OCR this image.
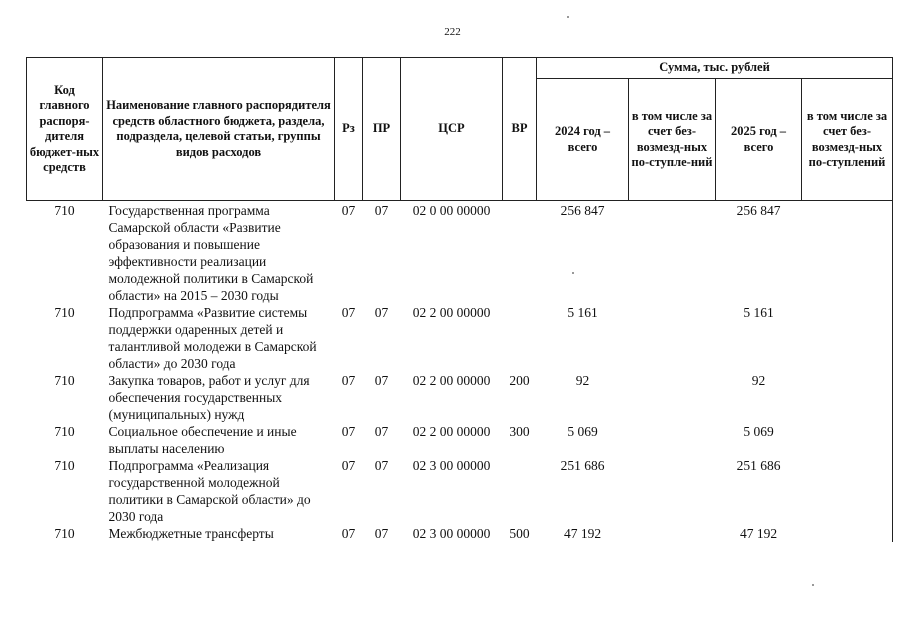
222
Код главного распоря-дителя бюджет-ных средств	Наименование главного распорядителя средств областного бюджета, раздела, подраздела, целевой статьи, группы видов расходов	Рз	ПР	ЦСР	ВР	Сумма, тыс. рублей			
						2024 год – всего	в том числе за счет без-возмезд-ных по-ступле-ний	2025 год – всего	в том числе за счет без-возмезд-ных по-ступлений
710	Государственная программа Самарской области «Развитие образования и повышение эффективности реализации молодежной политики в Самарской области» на 2015 – 2030 годы	07	07	02 0 00 00000		256 847		256 847	
710	Подпрограмма «Развитие системы поддержки одаренных детей и талантливой молодежи в Самарской области» до 2030 года	07	07	02 2 00 00000		5 161		5 161	
710	Закупка товаров, работ и услуг для обеспечения государственных (муниципальных) нужд	07	07	02 2 00 00000	200	92		92	
710	Социальное обеспечение и иные выплаты населению	07	07	02 2 00 00000	300	5 069		5 069	
710	Подпрограмма «Реализация государственной молодежной политики в Самарской области» до 2030 года	07	07	02 3 00 00000		251 686		251 686	
710	Межбюджетные трансферты	07	07	02 3 00 00000	500	47 192		47 192	
